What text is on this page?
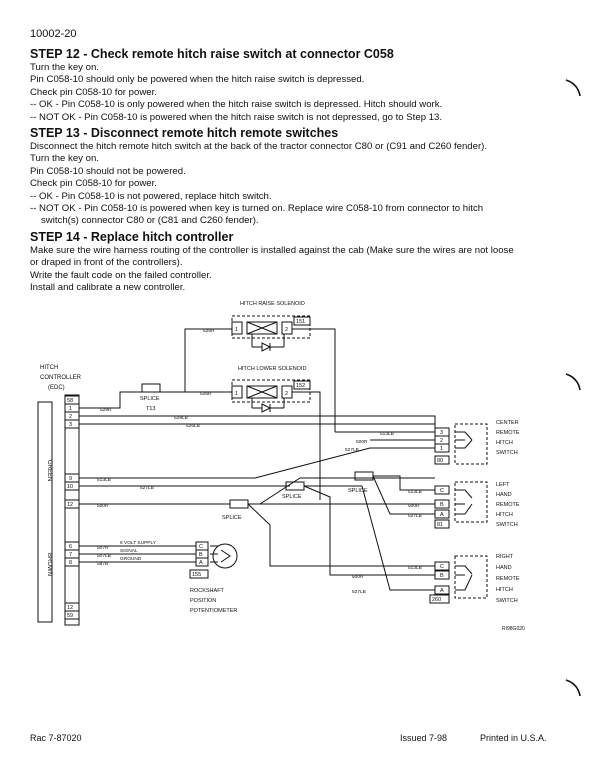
10002-20
STEP 12 - Check remote hitch raise switch at connector C058
Turn the key on.
Pin C058-10 should only be powered when the hitch raise switch is depressed.
Check pin C058-10 for power.
-- OK - Pin C058-10 is only powered when the hitch raise switch is depressed. Hitch should work.
-- NOT OK - Pin C058-10 is powered when the hitch raise switch is not depressed, go to Step 13.
STEP 13 - Disconnect remote hitch remote switches
Disconnect the hitch remote hitch switch at the back of the tractor connector C80 or (C91 and C260 fender).
Turn the key on.
Pin C058-10 should not be powered.
Check pin C058-10 for power.
-- OK - Pin C058-10 is not powered, replace hitch switch.
-- NOT OK - Pin C058-10 is powered when key is turned on. Replace wire C058-10 from connector to hitch
switch(s) connector C80 or (C81 and C260 fender).
STEP 14 - Replace hitch controller
Make sure the wire harness routing of the controller is installed against the cab (Make sure the wires are not loose
or draped in front of the controllers).
Write the fault code on the failed controller.
Install and calibrate a new controller.
HITCH
CONTROLLER
(EDC)
GREEN
BROWN
58
1
2
3
9
10
12
6
7
8
12
59
HITCH RAISE SOLENOID
1	2
151
HITCH LOWER SOLENOID
1	2
152
526R
526R
528R
528LB
526LB
513LB
500R
527LB
513LB
527LB
500R
513LB
500R
527LB
513LB
500R
527LB
507R
507LB
587B
8 VOLT SUPPLY
SIGNAL
GROUND
SPLICE
T13
SPLICE
SPLICE
SPLICE
3
2
1
80
CENTER
REMOTE
HITCH
SWITCH
C
B
A
81
LEFT
HAND
REMOTE
HITCH
SWITCH
C
B
A
260
RIGHT
HAND
REMOTE
HITCH
SWITCH
C
B
A
155
ROCKSHAFT
POSITION
POTENTIOMETER
RI98G020
Rac 7-87020	Issued 7-98	Printed in U.S.A.
